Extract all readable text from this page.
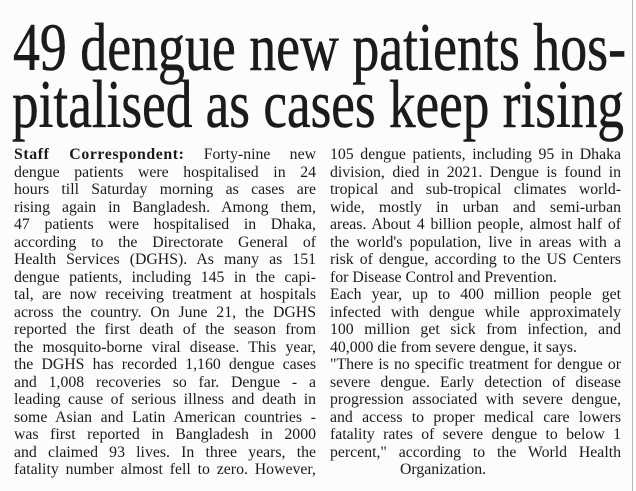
49 dengue new patients hos-
pitalised as cases keep rising
Staff Correspondent: Forty-nine new
dengue patients were hospitalised in 24
hours till Saturday morning as cases are
rising again in Bangladesh. Among them,
47 patients were hospitalised in Dhaka,
according to the Directorate General of
Health Services (DGHS). As many as 151
dengue patients, including 145 in the capi-
tal, are now receiving treatment at hospitals
across the country. On June 21, the DGHS
reported the first death of the season from
the mosquito-borne viral disease. This year,
the DGHS has recorded 1,160 dengue cases
and 1,008 recoveries so far. Dengue - a
leading cause of serious illness and death in
some Asian and Latin American countries -
was first reported in Bangladesh in 2000
and claimed 93 lives. In three years, the
fatality number almost fell to zero. However,
105 dengue patients, including 95 in Dhaka
division, died in 2021. Dengue is found in
tropical and sub-tropical climates world-
wide, mostly in urban and semi-urban
areas. About 4 billion people, almost half of
the world's population, live in areas with a
risk of dengue, according to the US Centers
for Disease Control and Prevention.
Each year, up to 400 million people get
infected with dengue while approximately
100 million get sick from infection, and
40,000 die from severe dengue, it says.
"There is no specific treatment for dengue or
severe dengue. Early detection of disease
progression associated with severe dengue,
and access to proper medical care lowers
fatality rates of severe dengue to below 1
percent," according to the World Health
Organization.
